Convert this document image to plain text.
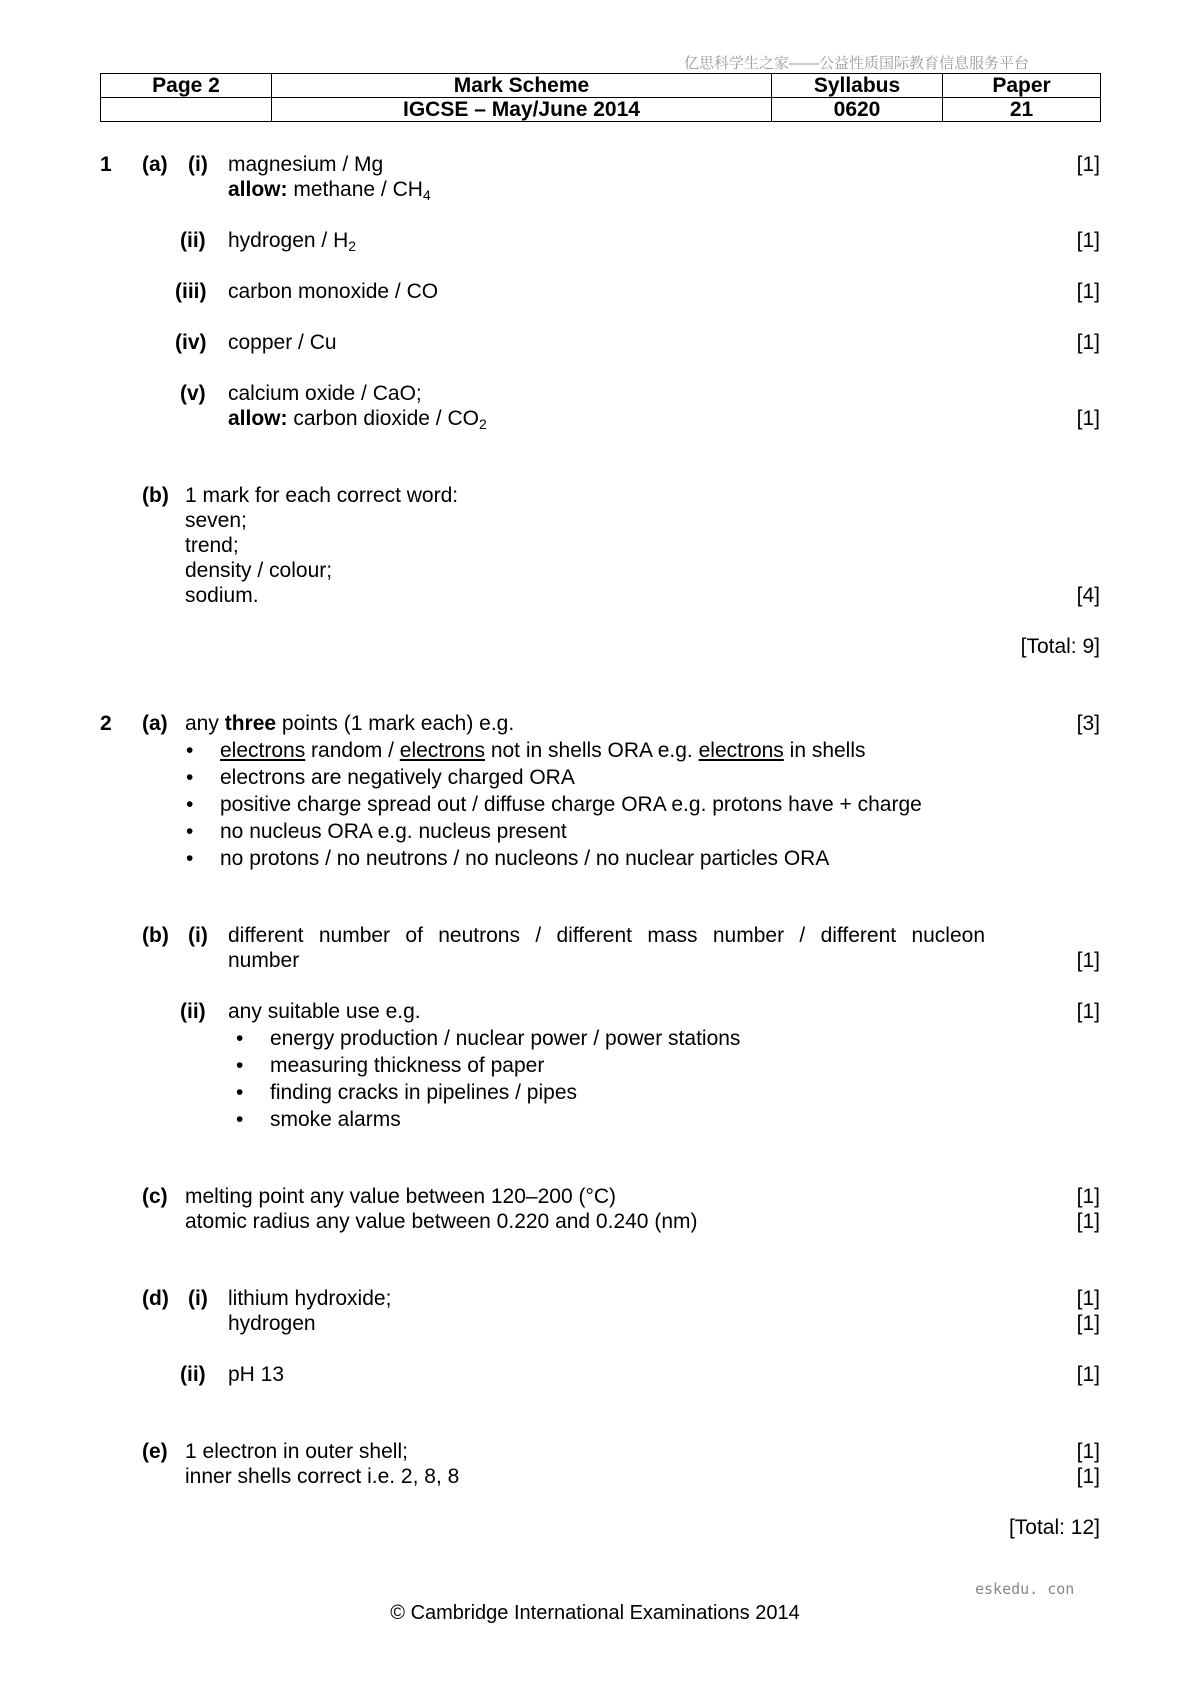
亿思科学生之家——公益性质国际教育信息服务平台
Page 2	Mark Scheme	Syllabus	Paper
	IGCSE – May/June 2014	0620	21
1 (a) (i) magnesium / Mg
allow: methane / $CH_4$
[1]
(ii) hydrogen / $H_2$	[1]
(iii) carbon monoxide / CO	[1]
(iv) copper / Cu	[1]
(v) calcium oxide / CaO;
allow: carbon dioxide / $CO_2$	[1]
(b) 1 mark for each correct word:
seven;
trend;
density / colour;
sodium.	[4]
[Total: 9]
2 (a) any three points (1 mark each) e.g.	[3]
• electrons random / electrons not in shells ORA e.g. electrons in shells
• electrons are negatively charged ORA
• positive charge spread out / diffuse charge ORA e.g. protons have + charge
• no nucleus ORA e.g. nucleus present
• no protons / no neutrons / no nucleons / no nuclear particles ORA
(b) (i) different number of neutrons / different mass number / different nucleon
number	[1]
(ii) any suitable use e.g.	[1]
• energy production / nuclear power / power stations
• measuring thickness of paper
• finding cracks in pipelines / pipes
• smoke alarms
(c) melting point any value between 120–200 (°C)	[1]
atomic radius any value between 0.220 and 0.240 (nm)	[1]
(d) (i) lithium hydroxide;	[1]
hydrogen	[1]
(ii) pH 13	[1]
(e) 1 electron in outer shell;	[1]
inner shells correct i.e. 2, 8, 8	[1]
[Total: 12]
eskedu. con
© Cambridge International Examinations 2014
